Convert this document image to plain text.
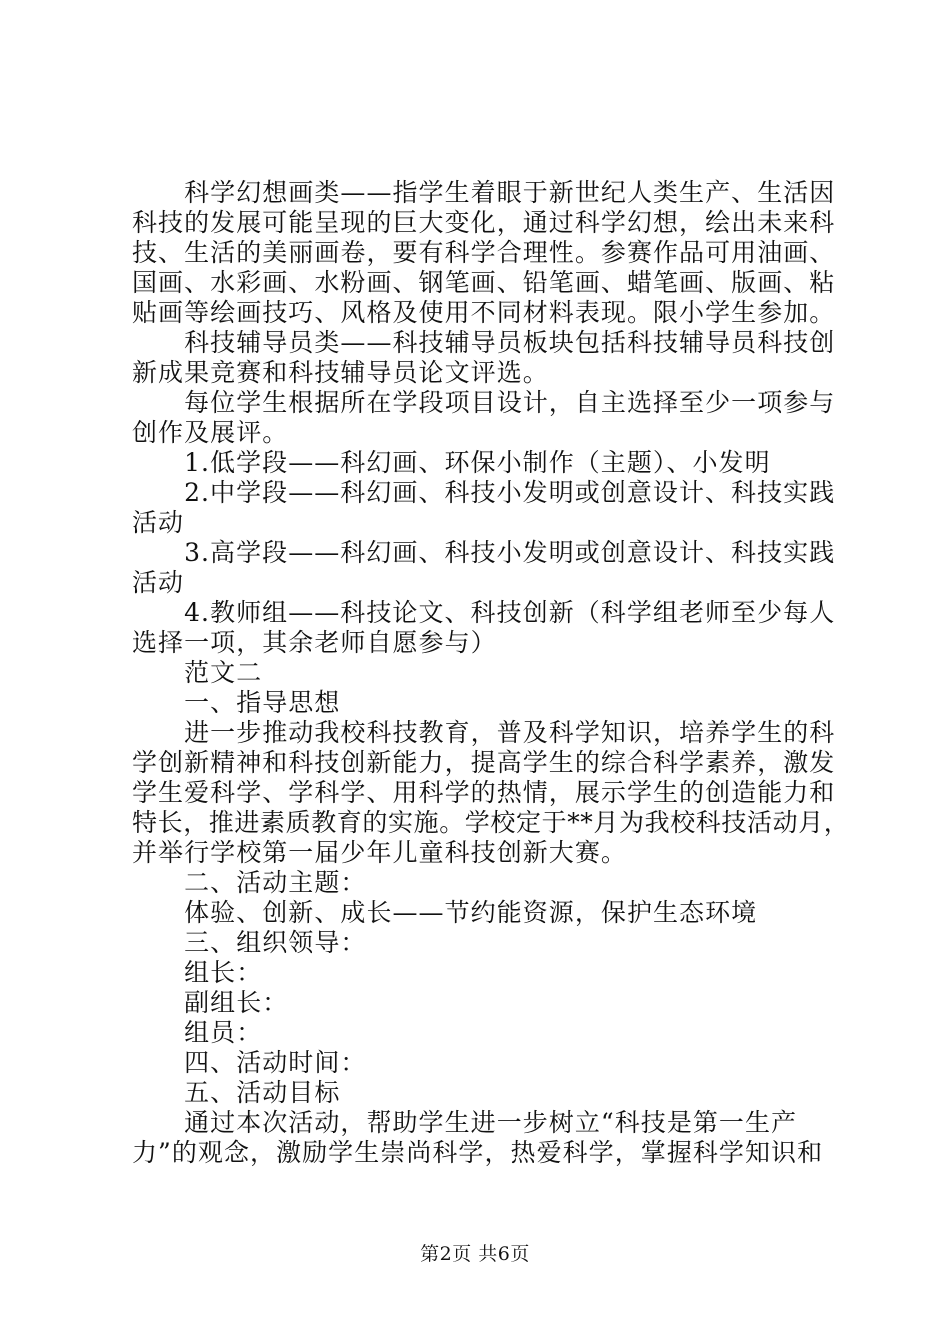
　　科学幻想画类——指学生着眼于新世纪人类生产、生活因
科技的发展可能呈现的巨大变化，通过科学幻想，绘出未来科
技、生活的美丽画卷，要有科学合理性。参赛作品可用油画、
国画、水彩画、水粉画、钢笔画、铅笔画、蜡笔画、版画、粘
贴画等绘画技巧、风格及使用不同材料表现。限小学生参加。
　　科技辅导员类——科技辅导员板块包括科技辅导员科技创
新成果竞赛和科技辅导员论文评选。
　　每位学生根据所在学段项目设计，自主选择至少一项参与
创作及展评。
　　1.低学段——科幻画、环保小制作（主题）、小发明
　　2.中学段——科幻画、科技小发明或创意设计、科技实践
活动
　　3.高学段——科幻画、科技小发明或创意设计、科技实践
活动
　　4.教师组——科技论文、科技创新（科学组老师至少每人
选择一项，其余老师自愿参与）
　　范文二
　　一、指导思想
　　进一步推动我校科技教育，普及科学知识，培养学生的科
学创新精神和科技创新能力，提高学生的综合科学素养，激发
学生爱科学、学科学、用科学的热情，展示学生的创造能力和
特长，推进素质教育的实施。学校定于**月为我校科技活动月，
并举行学校第一届少年儿童科技创新大赛。
　　二、活动主题：
　　体验、创新、成长——节约能资源，保护生态环境
　　三、组织领导：
　　组长：
　　副组长：
　　组员：
　　四、活动时间：
　　五、活动目标
　　通过本次活动，帮助学生进一步树立“科技是第一生产
力”的观念，激励学生崇尚科学，热爱科学，掌握科学知识和
第2页 共6页
